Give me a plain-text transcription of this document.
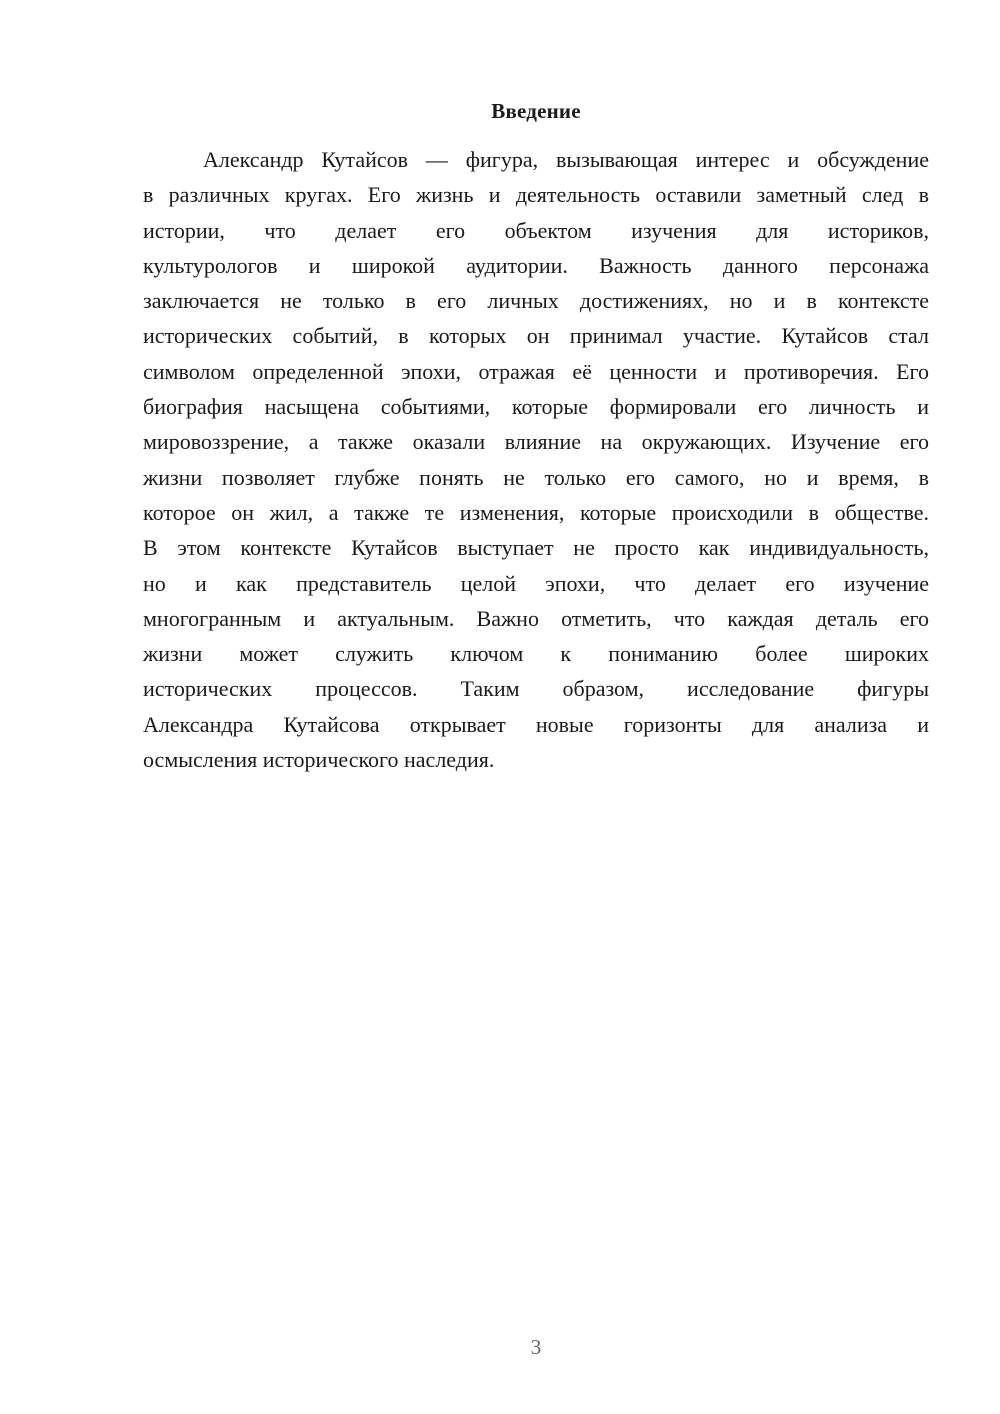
Введение
Александр Кутайсов — фигура, вызывающая интерес и обсуждение
в различных кругах. Его жизнь и деятельность оставили заметный след в
истории, что делает его объектом изучения для историков,
культурологов и широкой аудитории. Важность данного персонажа
заключается не только в его личных достижениях, но и в контексте
исторических событий, в которых он принимал участие. Кутайсов стал
символом определенной эпохи, отражая её ценности и противоречия. Его
биография насыщена событиями, которые формировали его личность и
мировоззрение, а также оказали влияние на окружающих. Изучение его
жизни позволяет глубже понять не только его самого, но и время, в
которое он жил, а также те изменения, которые происходили в обществе.
В этом контексте Кутайсов выступает не просто как индивидуальность,
но и как представитель целой эпохи, что делает его изучение
многогранным и актуальным. Важно отметить, что каждая деталь его
жизни может служить ключом к пониманию более широких
исторических процессов. Таким образом, исследование фигуры
Александра Кутайсова открывает новые горизонты для анализа и
осмысления исторического наследия.
3
